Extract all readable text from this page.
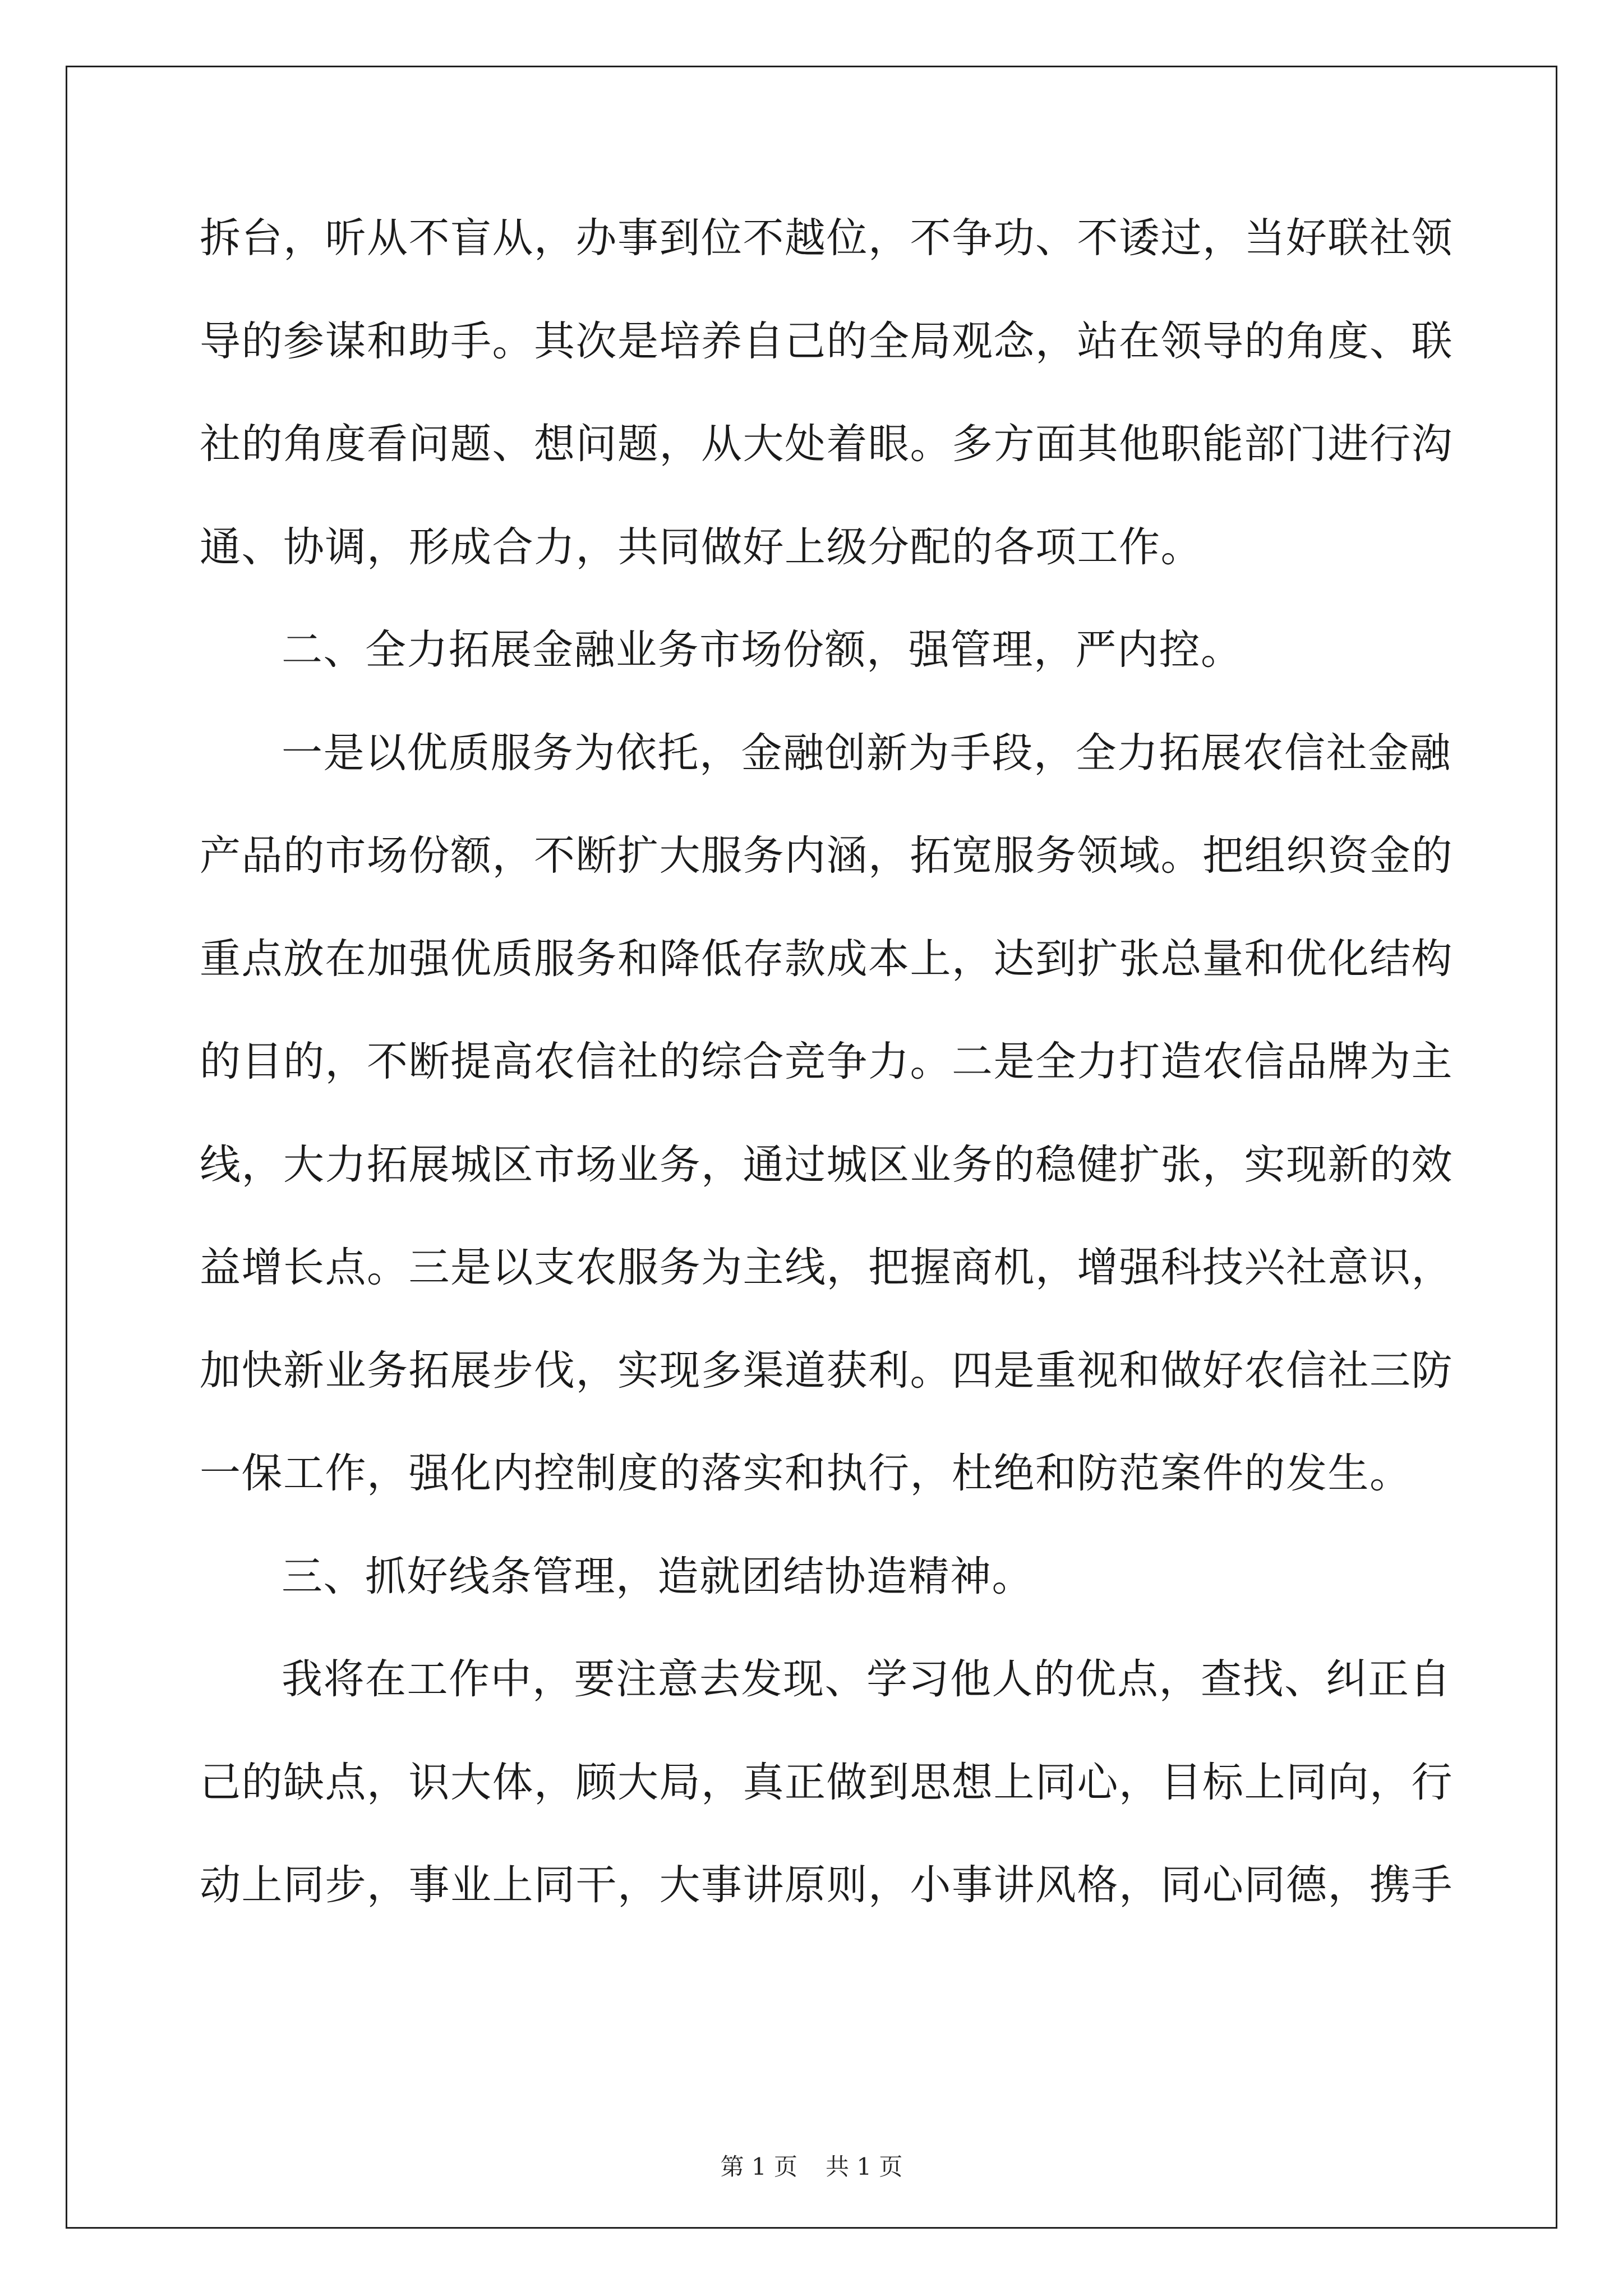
拆台，听从不盲从，办事到位不越位，不争功、不诿过，当好联社领
导的参谋和助手。其次是培养自己的全局观念，站在领导的角度、联
社的角度看问题、想问题，从大处着眼。多方面其他职能部门进行沟
通、协调，形成合力，共同做好上级分配的各项工作。
二、全力拓展金融业务市场份额，强管理，严内控。
一是以优质服务为依托，金融创新为手段，全力拓展农信社金融
产品的市场份额，不断扩大服务内涵，拓宽服务领域。把组织资金的
重点放在加强优质服务和降低存款成本上，达到扩张总量和优化结构
的目的，不断提高农信社的综合竞争力。二是全力打造农信品牌为主
线，大力拓展城区市场业务，通过城区业务的稳健扩张，实现新的效
益增长点。三是以支农服务为主线，把握商机，增强科技兴社意识，
加快新业务拓展步伐，实现多渠道获利。四是重视和做好农信社三防
一保工作，强化内控制度的落实和执行，杜绝和防范案件的发生。
三、抓好线条管理，造就团结协造精神。
我将在工作中，要注意去发现、学习他人的优点，查找、纠正自
己的缺点，识大体，顾大局，真正做到思想上同心，目标上同向，行
动上同步，事业上同干，大事讲原则，小事讲风格，同心同德，携手
第 1 页 共 1 页
